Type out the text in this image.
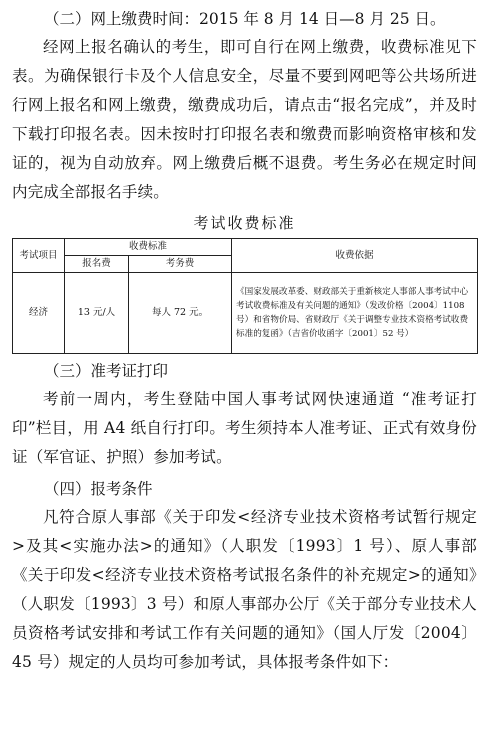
（二）网上缴费时间：2015 年 8 月 14 日—8 月 25 日。

经网上报名确认的考生，即可自行在网上缴费，收费标准见下表。为确保银行卡及个人信息安全，尽量不要到网吧等公共场所进行网上报名和网上缴费，缴费成功后，请点击“报名完成”，并及时下载打印报名表。因未按时打印报名表和缴费而影响资格审核和发证的，视为自动放弃。网上缴费后概不退费。考生务必在规定时间内完成全部报名手续。

考试收费标准
考试项目	收费标准		收费依据
	报名费	考务费	
经济	13 元/人	每人 72 元。	《国家发展改革委、财政部关于重新核定人事部人事考试中心考试收费标准及有关问题的通知》（发改价格〔2004〕1108号）和省物价局、省财政厅《关于调整专业技术资格考试收费标准的复函》（吉省价收函字〔2001〕52 号）

（三）准考证打印

考前一周内，考生登陆中国人事考试网快速通道 “准考证打印”栏目，用 A4 纸自行打印。考生须持本人准考证、正式有效身份证（军官证、护照）参加考试。

（四）报考条件

凡符合原人事部《关于印发<经济专业技术资格考试暂行规定>及其<实施办法>的通知》（人职发〔1993〕1 号）、原人事部《关于印发<经济专业技术资格考试报名条件的补充规定>的通知》（人职发〔1993〕3 号）和原人事部办公厅《关于部分专业技术人员资格考试安排和考试工作有关问题的通知》（国人厅发〔2004〕45 号）规定的人员均可参加考试，具体报考条件如下：
